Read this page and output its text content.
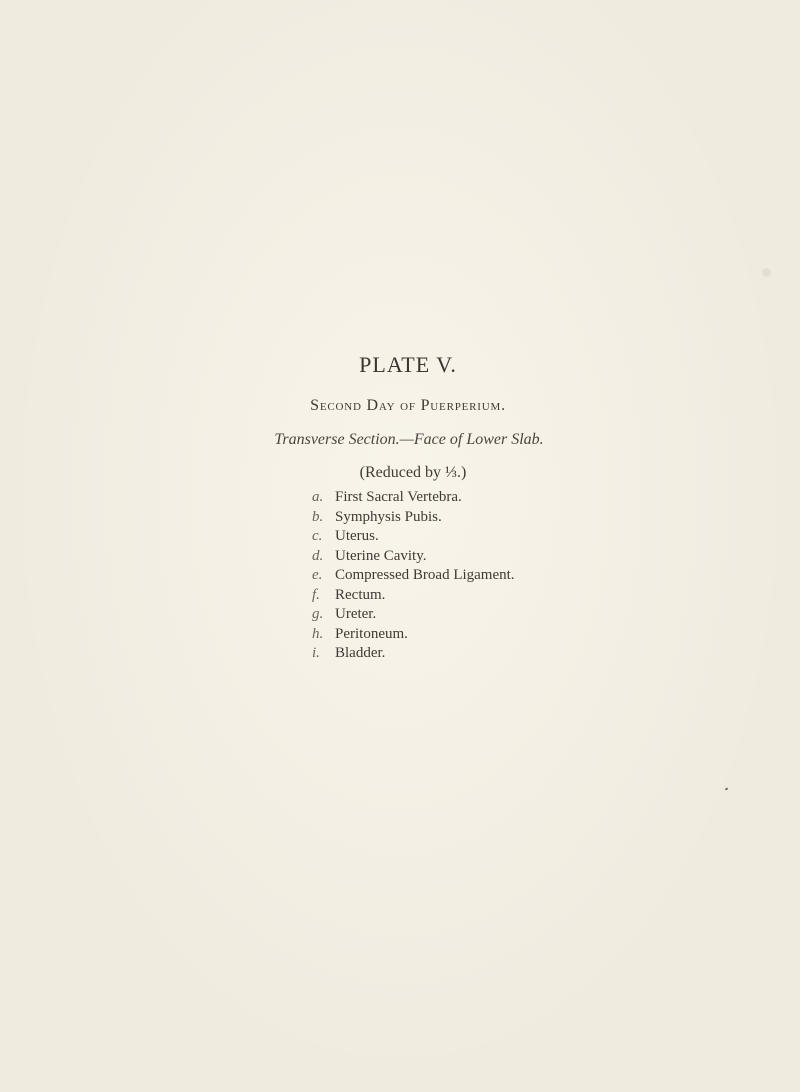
PLATE V.
Second Day of Puerperium.
Transverse Section.—Face of Lower Slab.
(Reduced by ⅓.)
a. First Sacral Vertebra.
b. Symphysis Pubis.
c. Uterus.
d. Uterine Cavity.
e. Compressed Broad Ligament.
f. Rectum.
g. Ureter.
h. Peritoneum.
i. Bladder.
